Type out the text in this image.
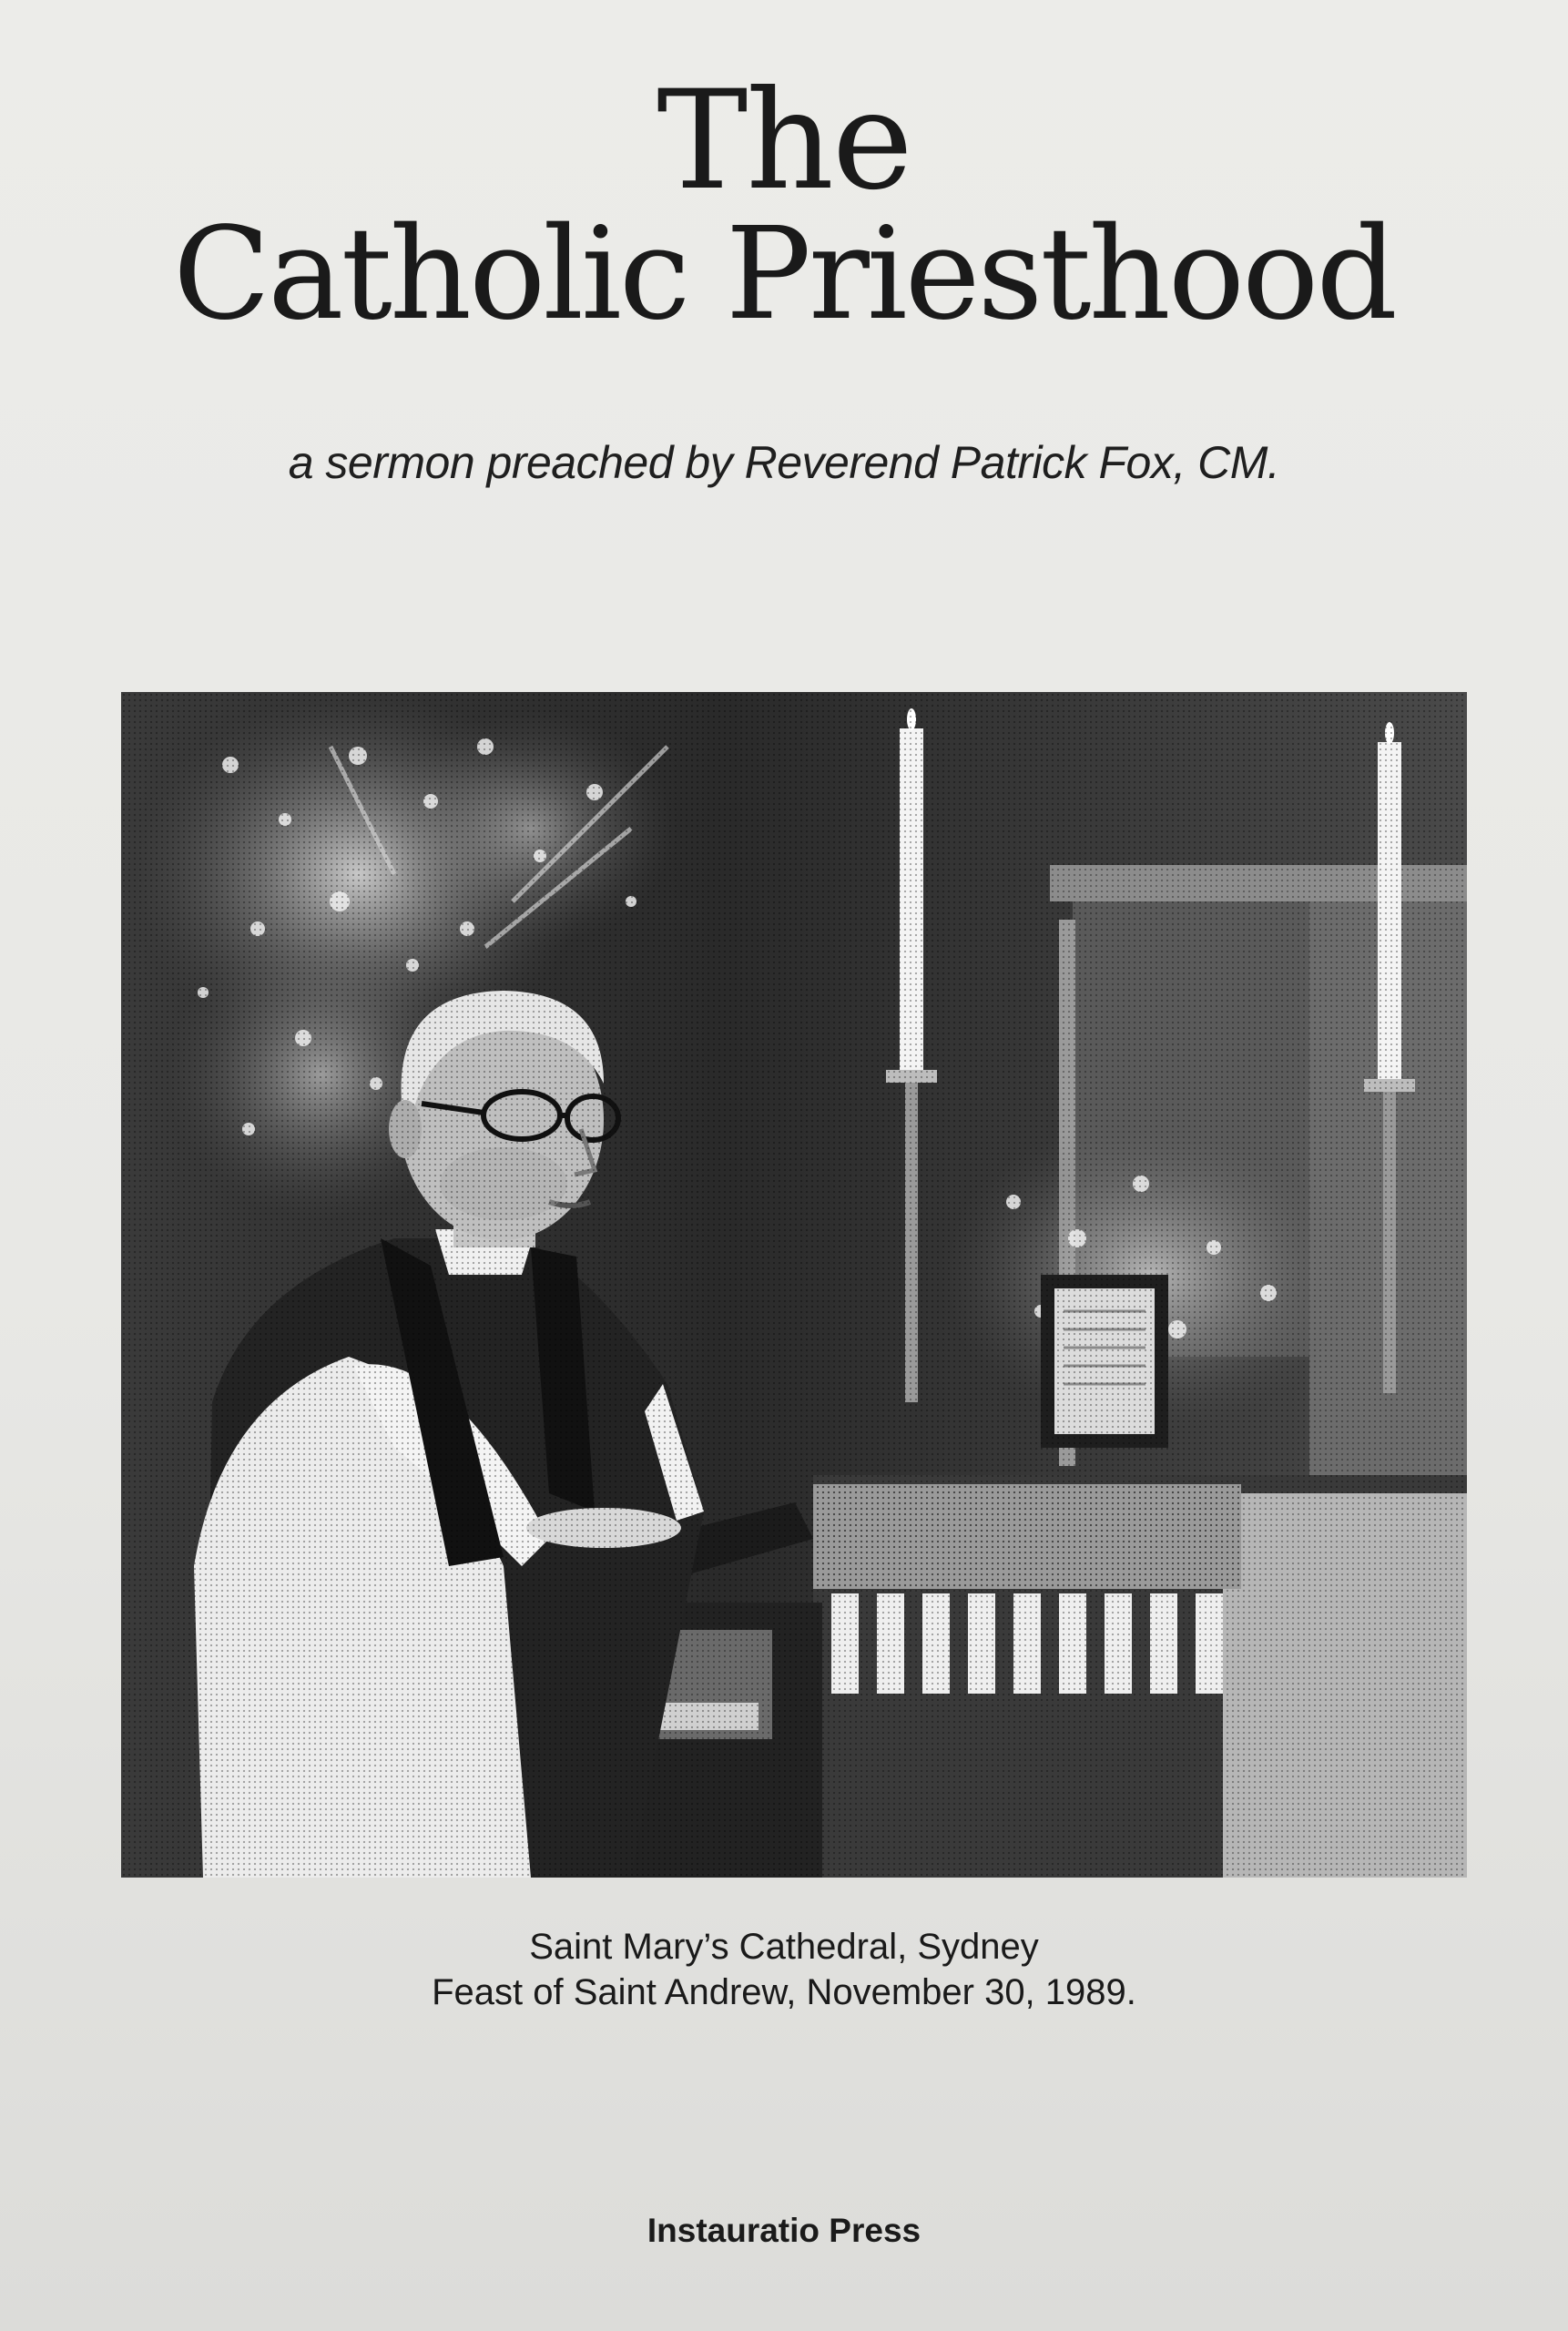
The
Catholic Priesthood
a sermon preached by Reverend Patrick Fox, CM.
Saint Mary’s Cathedral, Sydney
Feast of Saint Andrew, November 30, 1989.
Instauratio Press
